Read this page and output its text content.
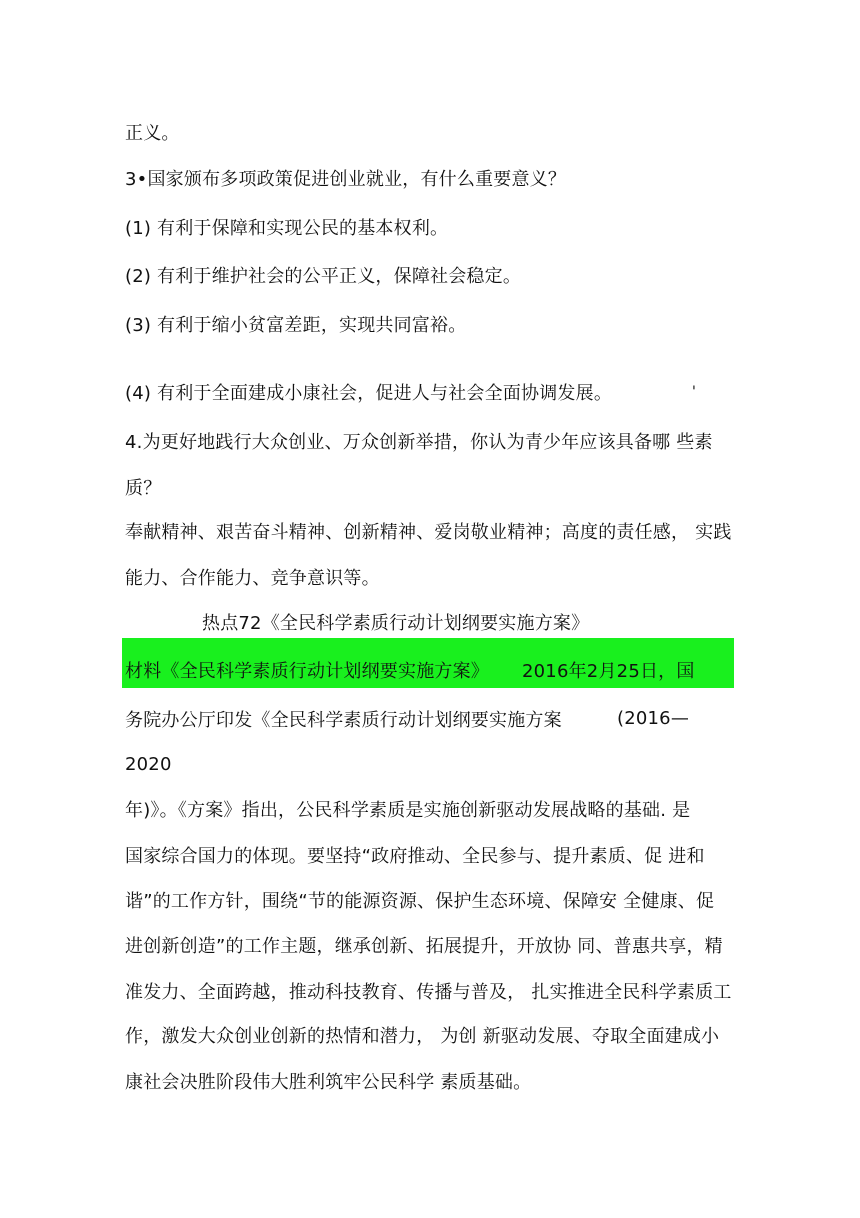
正义。
3•国家颁布多项政策促进创业就业，有什么重要意义？
(1) 有利于保障和实现公民的基本权利。
(2) 有利于维护社会的公平正义，保障社会稳定。
(3) 有利于缩小贫富差距，实现共同富裕。
(4) 有利于全面建成小康社会，促进人与社会全面协调发展。	'
4.为更好地践行大众创业、万众创新举措，你认为青少年应该具备哪 些素
质？
奉献精神、艰苦奋斗精神、创新精神、爱岗敬业精神；高度的责任感， 实践
能力、合作能力、竞争意识等。
热点72《全民科学素质行动计划纲要实施方案》
材料《全民科学素质行动计划纲要实施方案》 2016年2月25日，国
务院办公厅印发《全民科学素质行动计划纲要实施方案	(2016—
2020
年)》。《方案》指出，公民科学素质是实施创新驱动发展战略的基础. 是
国家综合国力的体现。要坚持“政府推动、全民参与、提升素质、促 进和
谐”的工作方针，围绕“节的能源资源、保护生态环境、保障安 全健康、促
进创新创造”的工作主题，继承创新、拓展提升，开放协 同、普惠共享，精
准发力、全面跨越，推动科技教育、传播与普及， 扎实推进全民科学素质工
作，激发大众创业创新的热情和潜力， 为创 新驱动发展、夺取全面建成小
康社会决胜阶段伟大胜利筑牢公民科学 素质基础。
